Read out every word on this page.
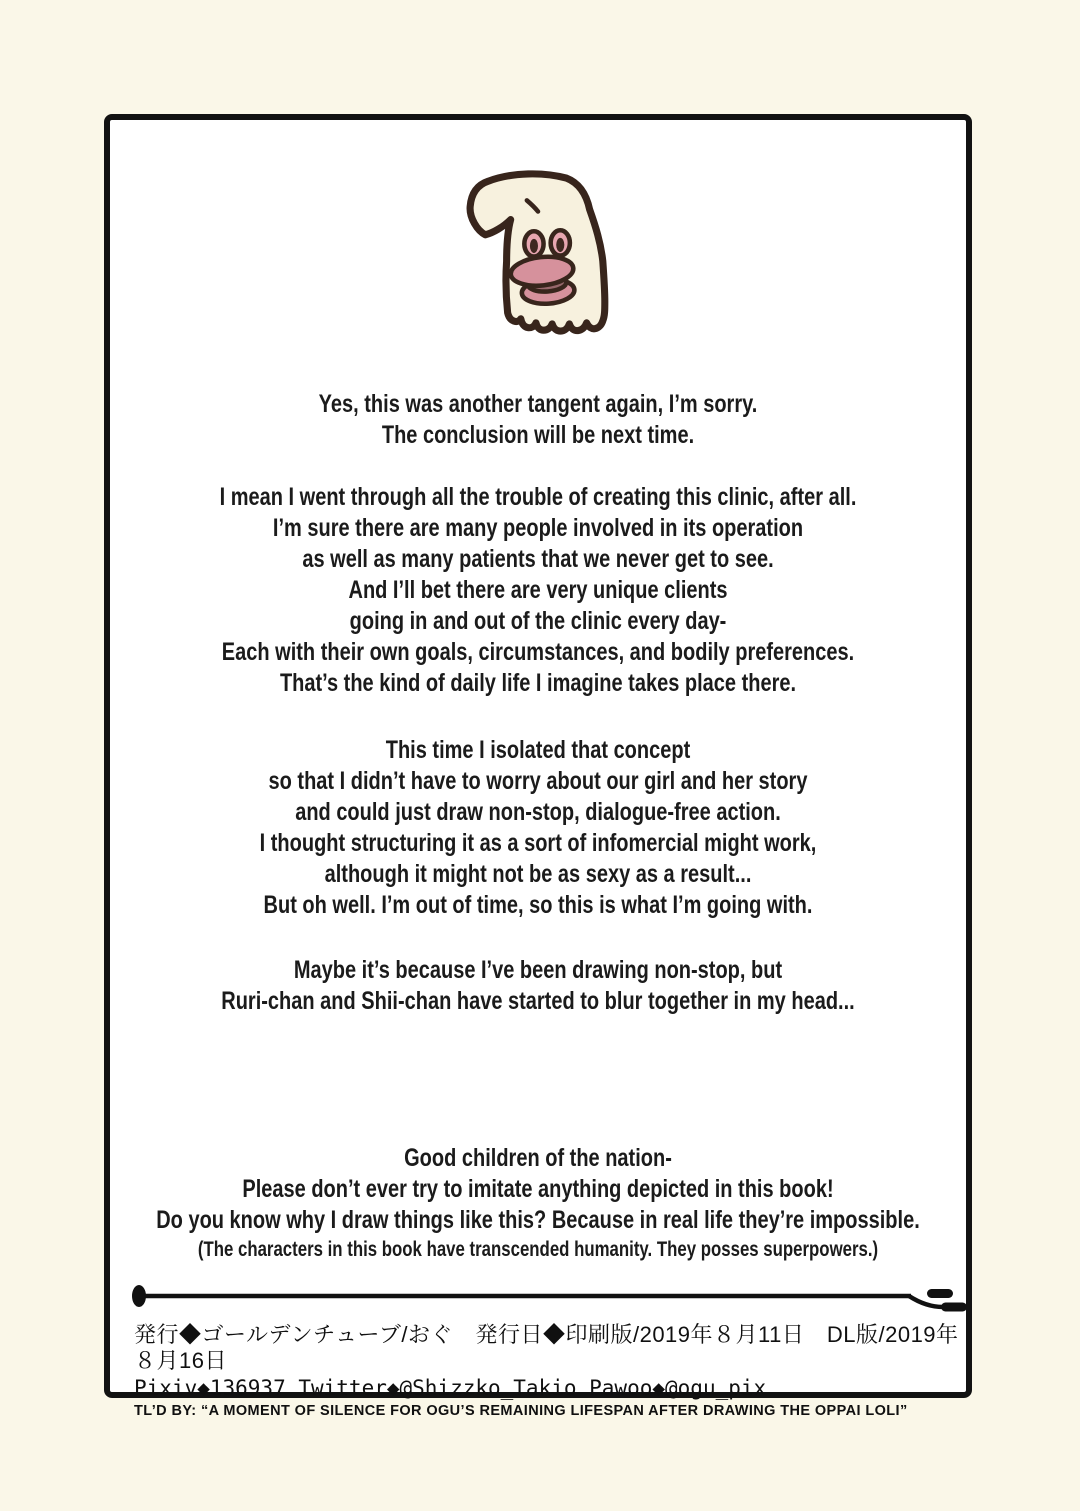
Yes, this was another tangent again, I’m sorry.
The conclusion will be next time.
I mean I went through all the trouble of creating this clinic, after all.
I’m sure there are many people involved in its operation
as well as many patients that we never get to see.
And I’ll bet there are very unique clients
going in and out of the clinic every day-
Each with their own goals, circumstances, and bodily preferences.
That’s the kind of daily life I imagine takes place there.
This time I isolated that concept
so that I didn’t have to worry about our girl and her story
and could just draw non-stop, dialogue-free action.
I thought structuring it as a sort of infomercial might work,
although it might not be as sexy as a result...
But oh well. I’m out of time, so this is what I’m going with.
Maybe it’s because I’ve been drawing non-stop, but
Ruri-chan and Shii-chan have started to blur together in my head...
Good children of the nation-
Please don’t ever try to imitate anything depicted in this book!
Do you know why I draw things like this? Because in real life they’re impossible.
(The characters in this book have transcended humanity. They posses superpowers.)
発行◆ゴールデンチューブ/おぐ　発行日◆印刷版/2019年８月11日　DL版/2019年８月16日
Pixiv◆136937 Twitter◆@Shizzko_Takio Pawoo◆@ogu_pix
TL’D BY: “A MOMENT OF SILENCE FOR OGU’S REMAINING LIFESPAN AFTER DRAWING THE OPPAI LOLI”
